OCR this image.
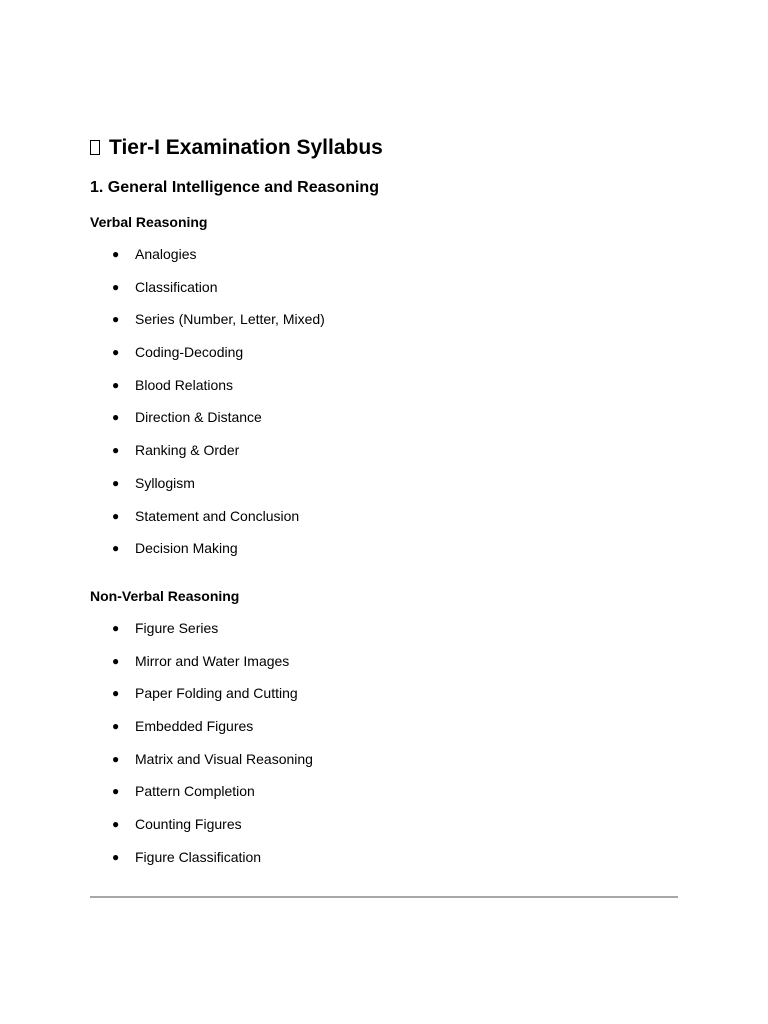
Tier-I Examination Syllabus
1. General Intelligence and Reasoning
Verbal Reasoning
● Analogies
● Classification
● Series (Number, Letter, Mixed)
● Coding-Decoding
● Blood Relations
● Direction & Distance
● Ranking & Order
● Syllogism
● Statement and Conclusion
● Decision Making
Non-Verbal Reasoning
● Figure Series
● Mirror and Water Images
● Paper Folding and Cutting
● Embedded Figures
● Matrix and Visual Reasoning
● Pattern Completion
● Counting Figures
● Figure Classification
